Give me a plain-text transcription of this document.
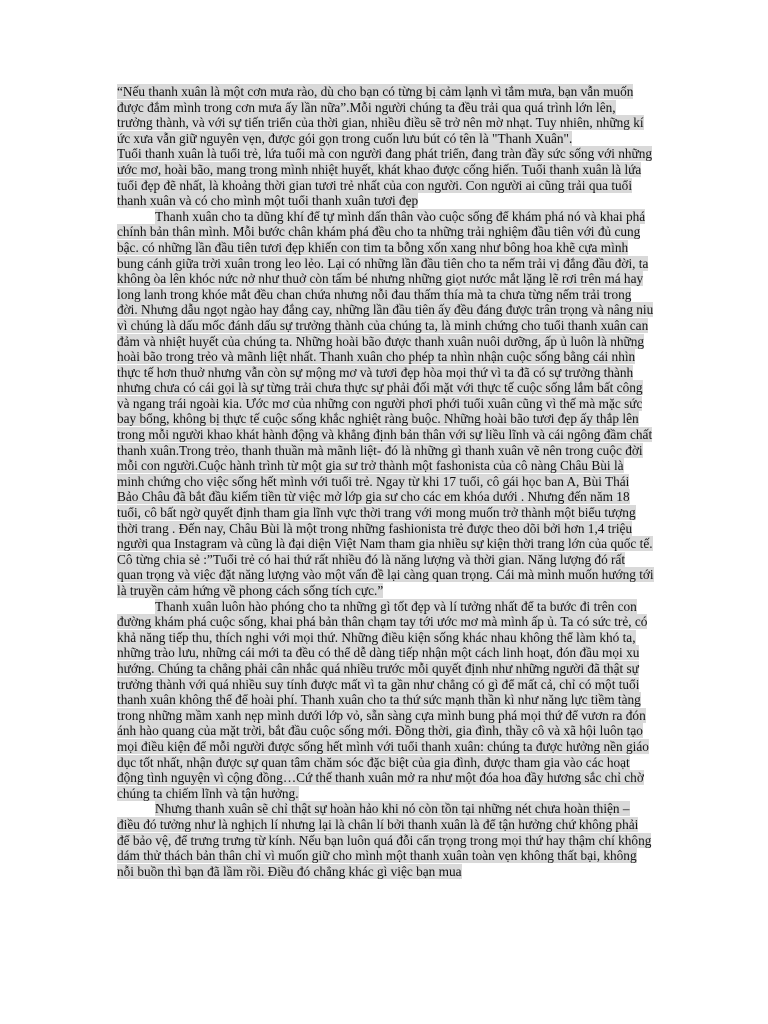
“Nếu thanh xuân là một cơn mưa rào, dù cho bạn có từng bị cảm lạnh vì tắm mưa, bạn vẫn muốn được đắm mình trong cơn mưa ấy lần nữa”.Mỗi người chúng ta đều trải qua quá trình lớn lên, trưởng thành, và với sự tiến triển của thời gian, nhiều điều sẽ trở nên mờ nhạt. Tuy nhiên, những kí ức xưa vẫn giữ nguyên vẹn, được gói gọn trong cuốn lưu bút có tên là "Thanh Xuân".

Tuổi thanh xuân là tuổi trẻ, lứa tuổi mà con người đang phát triển, đang tràn đầy sức sống với những ước mơ, hoài bão, mang trong mình nhiệt huyết, khát khao được cống hiến. Tuổi thanh xuân là lứa tuổi đẹp đẽ nhất, là khoảng thời gian tươi trẻ nhất của con người. Con người ai cũng trải qua tuổi thanh xuân và có cho mình một tuổi thanh xuân tươi đẹp

Thanh xuân cho ta dũng khí để tự mình dấn thân vào cuộc sống để khám phá nó và khai phá chính bản thân mình. Mỗi bước chân khám phá đều cho ta những trải nghiệm đầu tiên với đủ cung bậc. có những lần đầu tiên tươi đẹp khiến con tim ta bỗng xốn xang như bông hoa khẽ cựa mình bung cánh giữa trời xuân trong leo lẻo. Lại có những lần đầu tiên cho ta nếm trải vị đắng đầu đời, ta không òa lên khóc nức nở như thuở còn tấm bé nhưng những giọt nước mắt lặng lẽ rơi trên má hay long lanh trong khóe mắt đều chan chứa nhưng nỗi đau thấm thía mà ta chưa từng nếm trải trong đời. Nhưng dẫu ngọt ngào hay đắng cay, những lần đầu tiên ấy đều đáng được trân trọng và nâng niu vì chúng là dấu mốc đánh dấu sự trưởng thành của chúng ta, là minh chứng cho tuổi thanh xuân can đảm và nhiệt huyết của chúng ta. Những hoài bão được thanh xuân nuôi dưỡng, ấp ủ luôn là những hoài bão trong trẻo và mãnh liệt nhất. Thanh xuân cho phép ta nhìn nhận cuộc sống bằng cái nhìn thực tế hơn thuở nhưng vẫn còn sự mộng mơ và tươi đẹp hòa mọi thứ vì ta đã có sự trưởng thành nhưng chưa có cái gọi là sự từng trải chưa thực sự phải đối mặt với thực tế cuộc sống lắm bất công và ngang trái ngoài kia. Ước mơ của những con người phơi phới tuổi xuân cũng vì thế mà mặc sức bay bổng, không bị thực tế cuộc sống khắc nghiệt ràng buộc. Những hoài bão tươi đẹp ấy thắp lên trong mỗi người khao khát hành động và khẳng định bản thân với sự liều lĩnh và cái ngông đầm chất thanh xuân.Trong trẻo, thanh thuần mà mãnh liệt- đó là những gì thanh xuân vẽ nên trong cuộc đời mỗi con người.Cuộc hành trình từ một gia sư trở thành một fashonista của cô nàng Châu Bùi là minh chứng cho việc sống hết mình với tuổi trẻ. Ngay từ khi 17 tuổi, cô gái học ban A, Bùi Thái Bảo Châu đã bắt đầu kiếm tiền từ việc mở lớp gia sư cho các em khóa dưới . Nhưng đến năm 18 tuổi, cô bất ngờ quyết định tham gia lĩnh vực thời trang với mong muốn trở thành một biểu tượng thời trang . Đến nay, Châu Bùi là một trong những fashionista trẻ được theo dõi bởi hơn 1,4 triệu người qua Instagram và cũng là đại diện Việt Nam tham gia nhiều sự kiện thời trang lớn của quốc tế. Cô từng chia sẻ :”Tuổi trẻ có hai thứ rất nhiều đó là năng lượng và thời gian. Năng lượng đó rất quan trọng và việc đặt năng lượng vào một vấn đề lại càng quan trọng. Cái mà mình muốn hướng tới là truyền cảm hứng về phong cách sống tích cực.”

Thanh xuân luôn hào phóng cho ta những gì tốt đẹp và lí tưởng nhất để ta bước đi trên con đường khám phá cuộc sống, khai phá bản thân chạm tay tới ước mơ mà mình ấp ủ. Ta có sức trẻ, có khả năng tiếp thu, thích nghi với mọi thứ. Những điều kiện sống khác nhau không thể làm khó ta, những trào lưu, những cái mới ta đều có thể dễ dàng tiếp nhận một cách linh hoạt, đón đầu mọi xu hướng. Chúng ta chẳng phải cân nhắc quá nhiều trước mỗi quyết định như những người đã thật sự trưởng thành với quá nhiều suy tính được mất vì ta gần như chẳng có gì để mất cả, chỉ có một tuổi thanh xuân không thể để hoài phí. Thanh xuân cho ta thứ sức mạnh thần kì như năng lực tiềm tàng trong những mầm xanh nẹp mình dưới lớp vỏ, sẵn sàng cựa mình bung phá mọi thứ để vươn ra đón ánh hào quang của mặt trời, bắt đầu cuộc sống mới. Đồng thời, gia đình, thầy cô và xã hội luôn tạo mọi điều kiện để mỗi người được sống hết mình với tuổi thanh xuân: chúng ta được hưởng nền giáo dục tốt nhất, nhận được sự quan tâm chăm sóc đặc biệt của gia đình, được tham gia vào các hoạt động tình nguyện vì cộng đồng…Cứ thế thanh xuân mở ra như một đóa hoa đầy hương sắc chỉ chờ chúng ta chiếm lĩnh và tận hưởng.

Nhưng thanh xuân sẽ chỉ thật sự hoàn hảo khi nó còn tồn tại những nét chưa hoàn thiện – điều đó tưởng như là nghịch lí nhưng lại là chân lí bởi thanh xuân là để tận hưởng chứ không phải để bảo vệ, để trưng trưng từ kính. Nếu bạn luôn quá đỗi cẩn trọng trong mọi thứ hay thậm chí không dám thử thách bản thân chỉ vì muốn giữ cho mình một thanh xuân toàn vẹn không thất bại, không nỗi buồn thì bạn đã lầm rồi. Điều đó chẳng khác gì việc bạn mua
